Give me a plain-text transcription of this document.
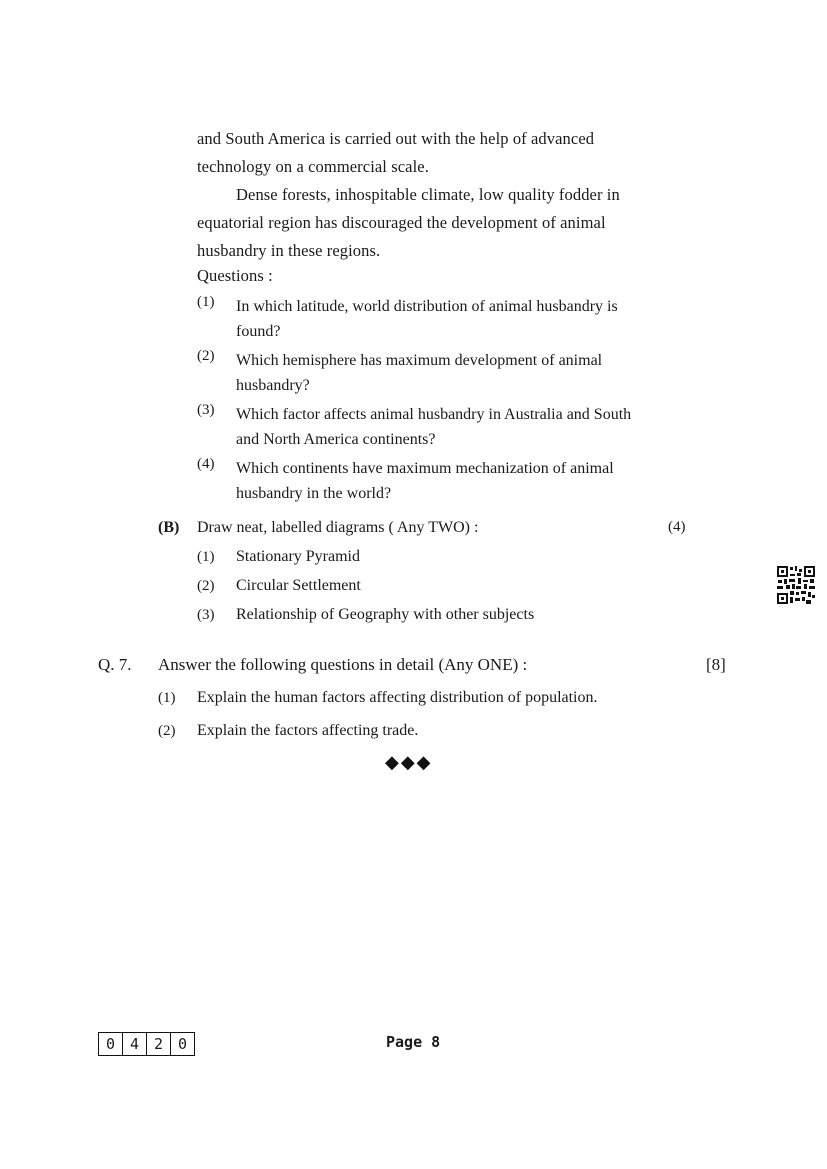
and South America is carried out with the help of advanced
technology on a commercial scale.
Dense forests, inhospitable climate, low quality fodder in
equatorial region has discouraged the development of animal
husbandry in these regions.
Questions :
(1) In which latitude, world distribution of animal husbandry is found?
(2) Which hemisphere has maximum development of animal husbandry?
(3) Which factor affects animal husbandry in Australia and South and North America continents?
(4) Which continents have maximum mechanization of animal husbandry in the world?
(B) Draw neat, labelled diagrams ( Any TWO) :	(4)
(1) Stationary Pyramid
(2) Circular Settlement
(3) Relationship of Geography with other subjects
Q. 7. Answer the following questions in detail (Any ONE) :	[8]
(1) Explain the human factors affecting distribution of population.
(2) Explain the factors affecting trade.
◆◆◆
0 4 2 0	Page 8
